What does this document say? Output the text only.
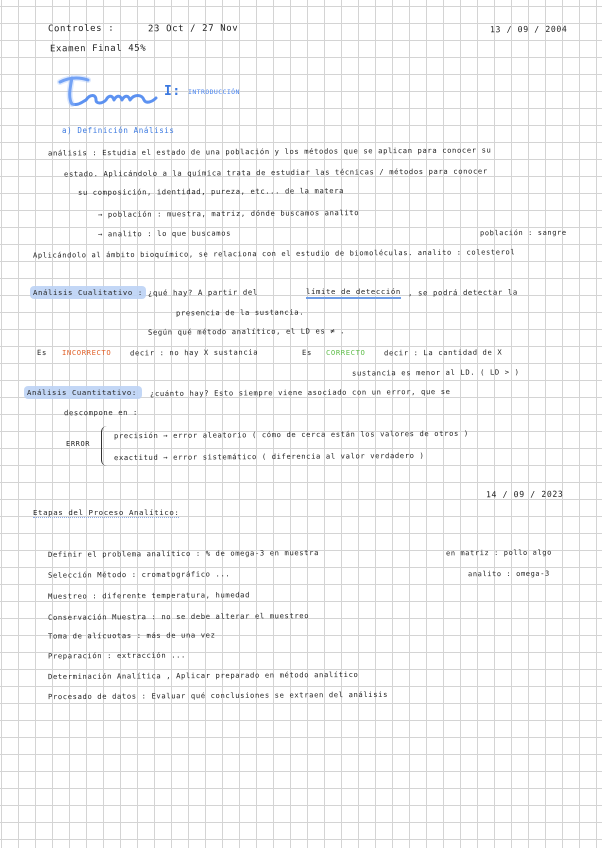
Controles :	23 Oct / 27 Nov	13 / 09 / 2004
Examen Final 45%
I: INTRODUCCIÓN
a) Definición Análisis
análisis : Estudia el estado de una población y los métodos que se aplican para conocer su
estado. Aplicándolo a la química trata de estudiar las técnicas / métodos para conocer
su composición, identidad, pureza, etc... de la matera
→ población : muestra, matriz, dónde buscamos analito
→ analito : lo que buscamos	población : sangre
Aplicándolo al ámbito bioquímico, se relaciona con el estudio de biomoléculas. analito : colesterol
Análisis Cualitativo : ¿qué hay? A partir del	límite de detección , se podrá detectar la
presencia de la sustancia.
Según qué método analítico, el LD es ≠ .
Es INCORRECTO	decir : no hay X sustancia	Es CORRECTO	decir : La cantidad de X
sustancia es menor al LD. ( LD > )
Análisis Cuantitativo: ¿cuánto hay? Esto siempre viene asociado con un error, que se
descompone en :
ERROR
precisión → error aleatorio ( cómo de cerca están los valores de otros )
exactitud → error sistemático ( diferencia al valor verdadero )
14 / 09 / 2023
Etapas del Proceso Analítico:
Definir el problema analítico : % de omega-3 en muestra	en matriz : pollo algo
Selección Método : cromatográfico ...	analito : omega-3
Muestreo : diferente temperatura, humedad
Conservación Muestra : no se debe alterar el muestreo
Toma de alícuotas : más de una vez
Preparación : extracción ...
Determinación Analítica , Aplicar preparado en método analítico
Procesado de datos : Evaluar qué conclusiones se extraen del análisis
